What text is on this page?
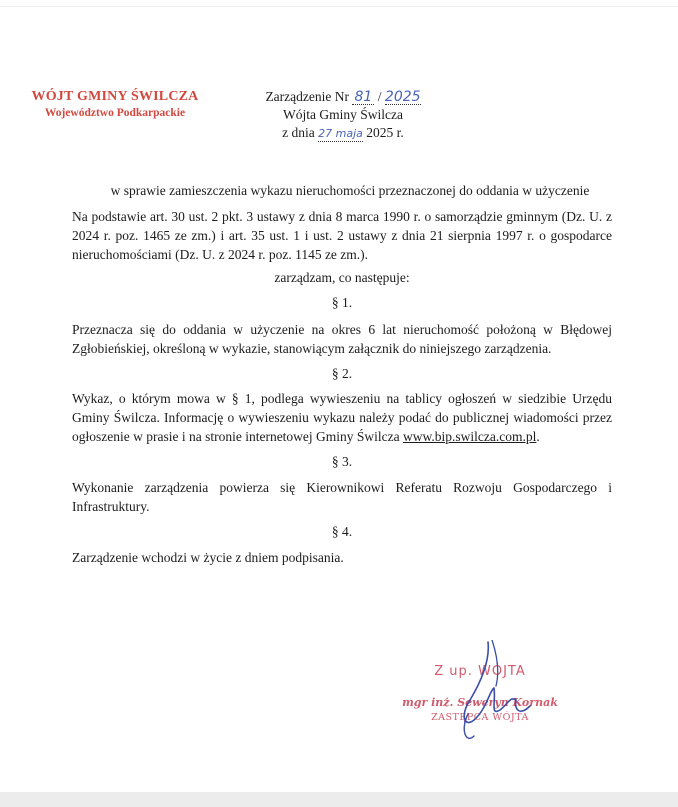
WÓJT GMINY ŚWILCZA
Województwo Podkarpackie
Zarządzenie Nr 81 / 2025
Wójta Gminy Świlcza
z dnia 27 maja 2025 r.
w sprawie zamieszczenia wykazu nieruchomości przeznaczonej do oddania w użyczenie
Na podstawie art. 30 ust. 2 pkt. 3 ustawy z dnia 8 marca 1990 r. o samorządzie gminnym (Dz. U. z 2024 r. poz. 1465 ze zm.) i art. 35 ust. 1 i ust. 2 ustawy z dnia 21 sierpnia 1997 r. o gospodarce nieruchomościami (Dz. U. z 2024 r. poz. 1145 ze zm.).
zarządzam, co następuje:
§ 1.
Przeznacza się do oddania w użyczenie na okres 6 lat nieruchomość położoną w Błędowej Zgłobieńskiej, określoną w wykazie, stanowiącym załącznik do niniejszego zarządzenia.
§ 2.
Wykaz, o którym mowa w § 1, podlega wywieszeniu na tablicy ogłoszeń w siedzibie Urzędu Gminy Świlcza. Informację o wywieszeniu wykazu należy podać do publicznej wiadomości przez ogłoszenie w prasie i na stronie internetowej Gminy Świlcza www.bip.swilcza.com.pl.
§ 3.
Wykonanie zarządzenia powierza się Kierownikowi Referatu Rozwoju Gospodarczego i Infrastruktury.
§ 4.
Zarządzenie wchodzi w życie z dniem podpisania.
Z up. WÓJTA
mgr inż. Seweryn Kornak
ZASTĘPCA WÓJTA
